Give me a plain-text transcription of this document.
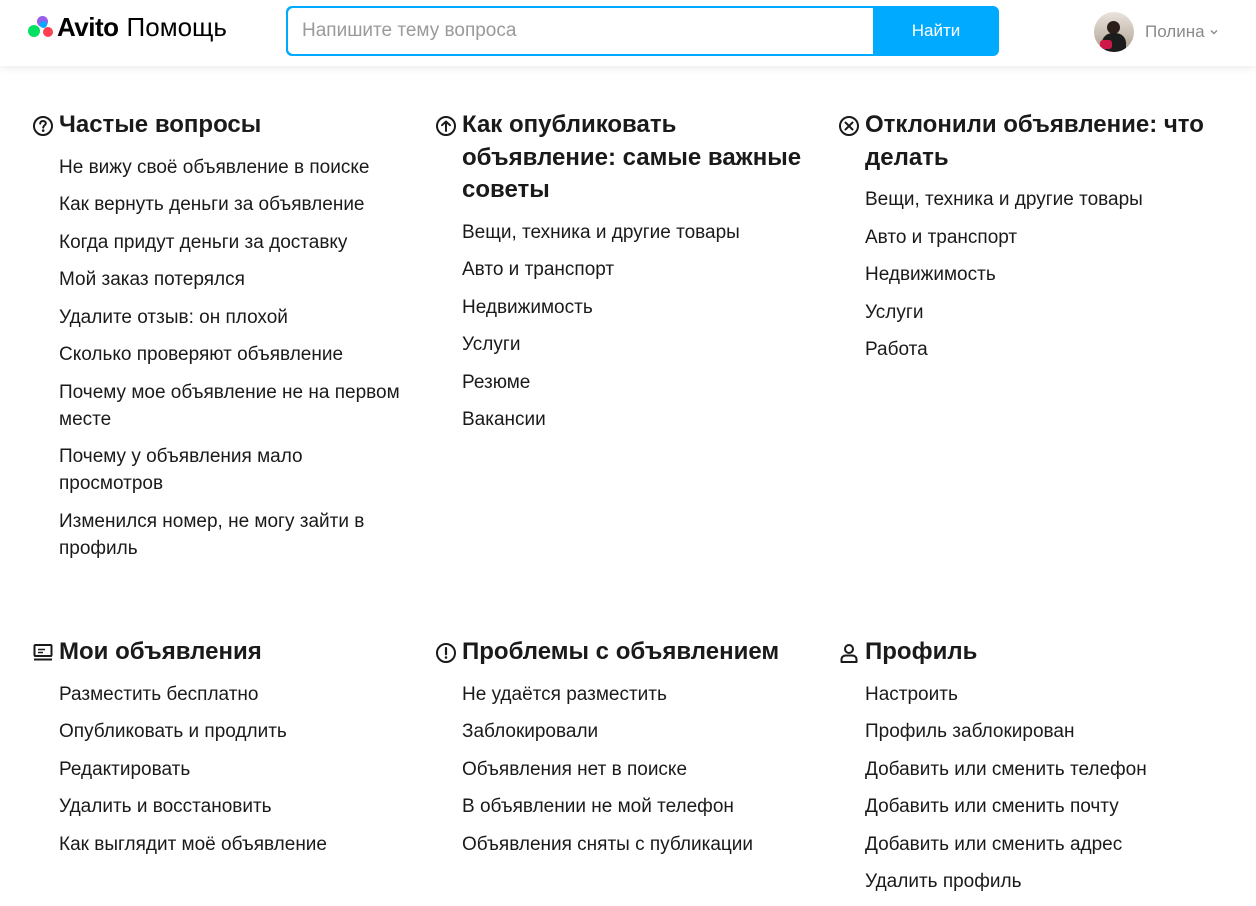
Avito Помощь
Напишите тему вопроса	Найти	Полина
Частые вопросы
Не вижу своё объявление в поиске
Как вернуть деньги за объявление
Когда придут деньги за доставку
Мой заказ потерялся
Удалите отзыв: он плохой
Сколько проверяют объявление
Почему мое объявление не на первом месте
Почему у объявления мало просмотров
Изменился номер, не могу зайти в профиль
Как опубликовать объявление: самые важные советы
Вещи, техника и другие товары
Авто и транспорт
Недвижимость
Услуги
Резюме
Вакансии
Отклонили объявление: что делать
Вещи, техника и другие товары
Авто и транспорт
Недвижимость
Услуги
Работа
Мои объявления
Разместить бесплатно
Опубликовать и продлить
Редактировать
Удалить и восстановить
Как выглядит моё объявление
Проблемы с объявлением
Не удаётся разместить
Заблокировали
Объявления нет в поиске
В объявлении не мой телефон
Объявления сняты с публикации
Профиль
Настроить
Профиль заблокирован
Добавить или сменить телефон
Добавить или сменить почту
Добавить или сменить адрес
Удалить профиль
